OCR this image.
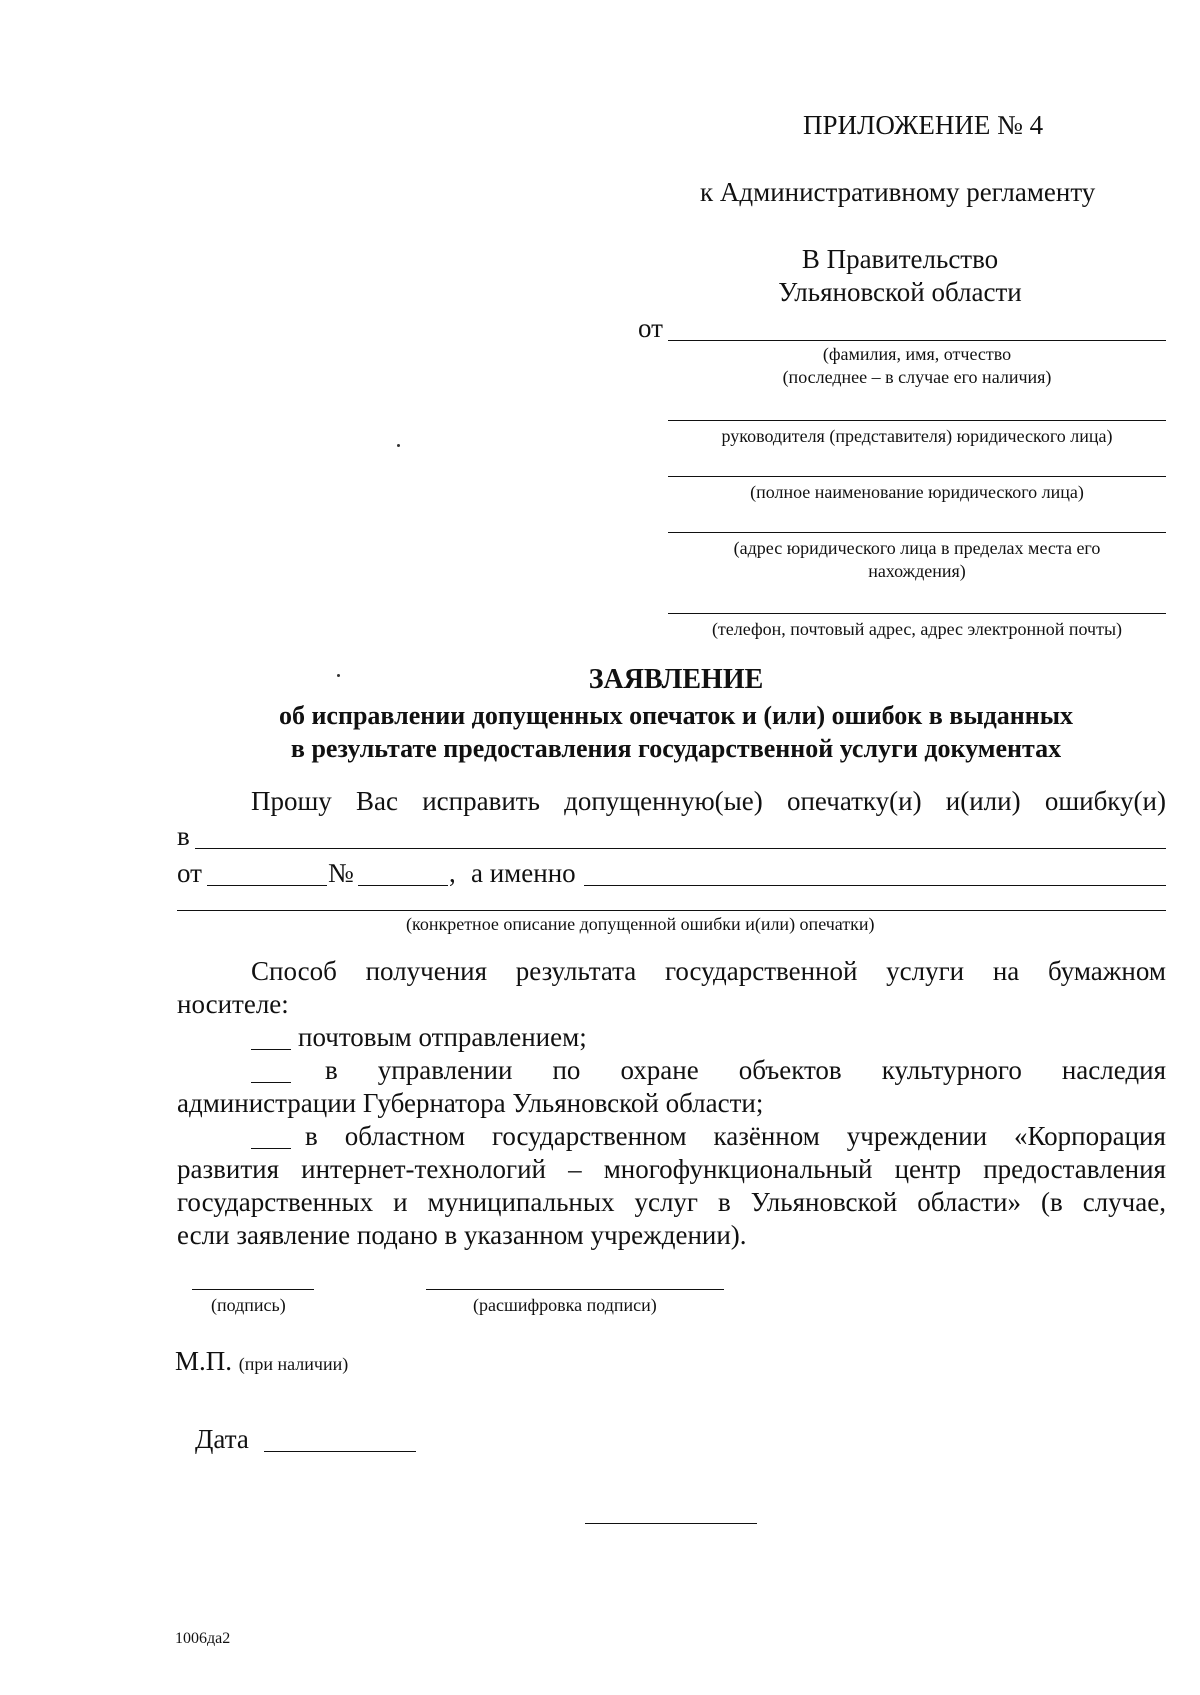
ПРИЛОЖЕНИЕ № 4
к Административному регламенту
В Правительство
Ульяновской области
от
(фамилия, имя, отчество
(последнее – в случае его наличия)
руководителя (представителя) юридического лица)
(полное наименование юридического лица)
(адрес юридического лица в пределах места его
нахождения)
(телефон, почтовый адрес, адрес электронной почты)
ЗАЯВЛЕНИЕ
об исправлении допущенных опечаток и (или) ошибок в выданных
в результате предоставления государственной услуги документах
Прошу Вас исправить допущенную(ые) опечатку(и) и(или) ошибку(и)
в
от	№	, а именно
(конкретное описание допущенной ошибки и(или) опечатки)
Способ получения результата государственной услуги на бумажном
носителе:
почтовым отправлением;
в управлении по охране объектов культурного наследия
администрации Губернатора Ульяновской области;
в областном государственном казённом учреждении «Корпорация
развития интернет-технологий – многофункциональный центр предоставления
государственных и муниципальных услуг в Ульяновской области» (в случае,
если заявление подано в указанном учреждении).
(подпись)	(расшифровка подписи)
М.П. (при наличии)
Дата
1006да2
